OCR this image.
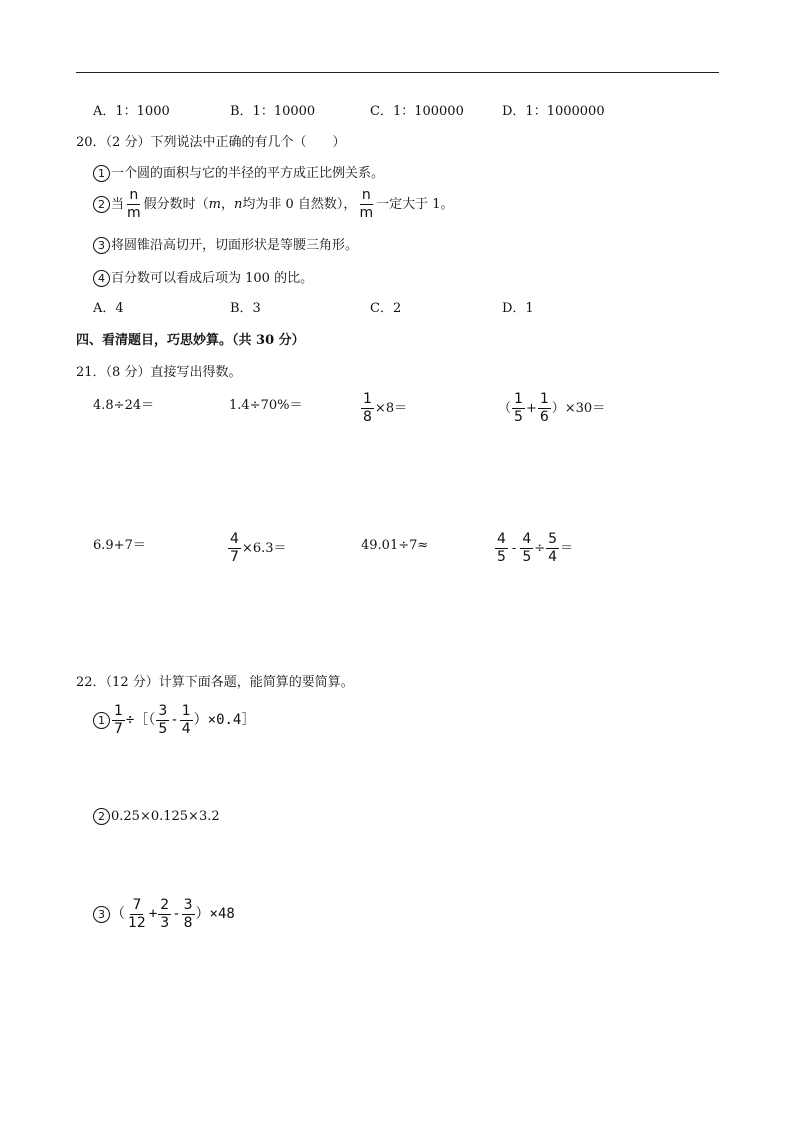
A．1：1000	B．1：10000	C．1：100000	D．1：1000000
20．（2 分）下列说法中正确的有几个（　　）
1 一个圆的面积与它的半径的平方成正比例关系。
2 当 $\frac{n}{m}$ 假分数时（ m ， n 均为非 0 自然数）， $\frac{n}{m}$ 一定大于 1。
3 将圆锥沿高切开，切面形状是等腰三角形。
4 百分数可以看成后项为 100 的比。
A．4	B．3	C．2	D．1
四、看清题目，巧思妙算。（共 30 分）
21．（8 分）直接写出得数。
4.8÷24＝	1.4÷70%＝	$\frac{1}{8} \times 8=$	（ $\frac{1}{5} + \frac{1}{6} )\times 30=$
6.9+7＝	$\frac{4}{7} \times 6.3=$	49.01÷7≈	$\frac{4}{5} - \frac{4}{5} \div \frac{5}{4}$ ＝
22．（12 分）计算下面各题，能简算的要简算。
$1 \frac{1}{7}$ ÷［（ $\frac{3}{5} - \frac{1}{4}$ ）×0.4］
2 0.25×0.125×3.2
3 （ $\frac{7}{12} + \frac{2}{3} - \frac{3}{8} )\times 48$
